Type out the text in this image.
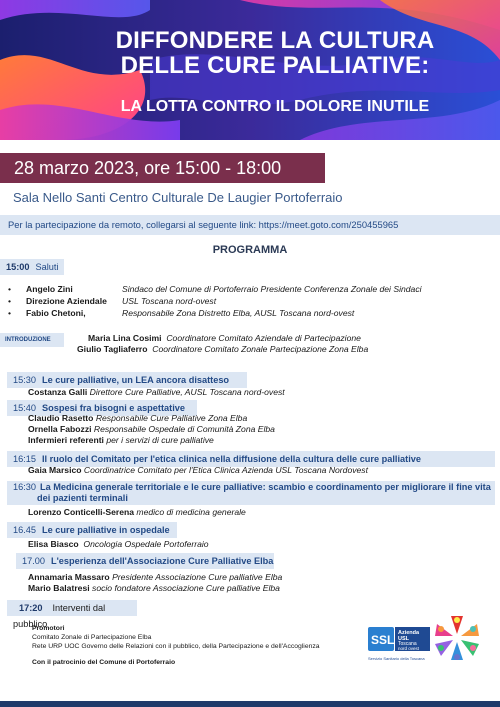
DIFFONDERE LA CULTURA
DELLE CURE PALLIATIVE:
LA LOTTA CONTRO IL DOLORE INUTILE
28 marzo 2023, ore 15:00 - 18:00
Sala Nello Santi Centro Culturale De Laugier Portoferraio
Per la partecipazione da remoto, collegarsi al seguente link: https://meet.goto.com/250455965
PROGRAMMA
15:00 Saluti
• Angelo Zini	Sindaco del Comune di Portoferraio Presidente Conferenza Zonale dei Sindaci
• Direzione Aziendale USL Toscana nord-ovest
• Fabio Chetoni,	Responsabile Zona Distretto Elba, AUSL Toscana nord-ovest
INTRODUZIONE	Maria Lina Cosimi Coordinatore Comitato Aziendale di Partecipazione
Giulio Tagliaferro Coordinatore Comitato Zonale Partecipazione Zona Elba
15:30 Le cure palliative, un LEA ancora disatteso
Costanza Galli Direttore Cure Palliative, AUSL Toscana nord-ovest
15:40 Sospesi fra bisogni e aspettative
Claudio Rasetto Responsabile Cure Palliative Zona Elba
Ornella Fabozzi Responsabile Ospedale di Comunità Zona Elba
Infermieri referenti per i servizi di cure palliative
16:15 Il ruolo del Comitato per l'etica clinica nella diffusione della cultura delle cure palliative
Gaia Marsico Coordinatrice Comitato per l'Etica Clinica Azienda USL Toscana Nordovest
16:30 La Medicina generale territoriale e le cure palliative: scambio e coordinamento per migliorare il fine vita
dei pazienti terminali
Lorenzo Conticelli-Serena medico di medicina generale
16.45 Le cure palliative in ospedale
Elisa Biasco Oncologia Ospedale Portoferraio
17.00 L'esperienza dell'Associazione Cure Palliative Elba
Annamaria Massaro Presidente Associazione Cure palliative Elba
Mario Balatresi socio fondatore Associazione Cure palliative Elba
17:20 Interventi dal pubblico
Promotori
Comitato Zonale di Partecipazione Elba
Rete URP UOC Governo delle Relazioni con il pubblico, della Partecipazione e dell'Accoglienza
Con il patrocinio del Comune di Portoferraio
SSL Azienda
USL
Toscana
nord ovest
Servizio Sanitario della Toscana
